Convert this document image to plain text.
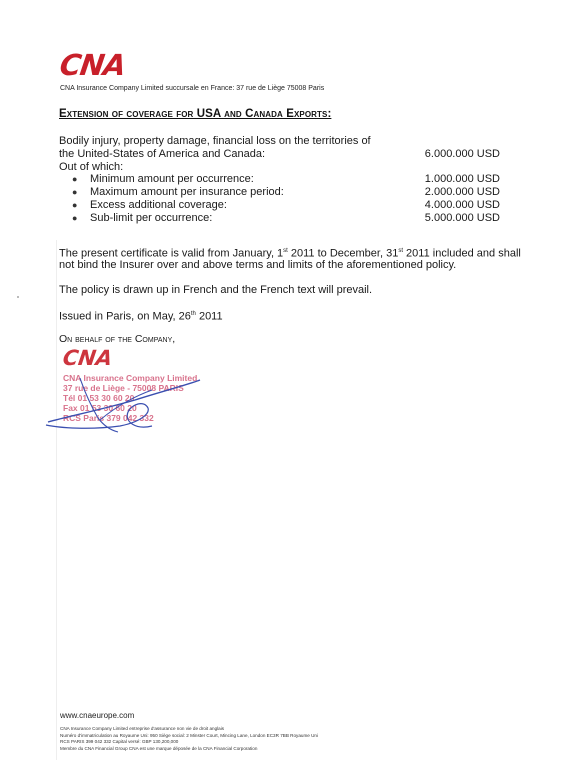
CNA
CNA Insurance Company Limited succursale en France: 37 rue de Liège 75008 Paris
Extension of coverage for USA and Canada Exports:
Bodily injury, property damage, financial loss on the territories of
the United-States of America and Canada:	6.000.000 USD
Out of which:
● Minimum amount per occurrence:	1.000.000 USD
● Maximum amount per insurance period:	2.000.000 USD
● Excess additional coverage:	4.000.000 USD
● Sub-limit per occurrence:	5.000.000 USD
The present certificate is valid from January, 1st 2011 to December, 31st 2011 included and shall
not bind the Insurer over and above terms and limits of the aforementioned policy.
The policy is drawn up in French and the French text will prevail.
Issued in Paris, on May, 26th 2011
On behalf of the Company,
CNA
CNA Insurance Company Limited
37 rue de Liège - 75008 PARIS
Tél 01 53 30 60 20
Fax 01 53 30 60 20
RCS Paris 379 042 332
www.cnaeurope.com
CNA Insurance Company Limited entreprise d'assurance non vie de droit anglais
Numéro d'immatriculation au Royaume Uni: 950 Siège social: 2 Minster Court, Mincing Lane, London EC3R 7BB Royaume Uni
RCS PARIS 399 042 332 Capital versé: GBP 130,200,000
Membre du CNA Financial Group CNA est une marque déposée de la CNA Financial Corporation
